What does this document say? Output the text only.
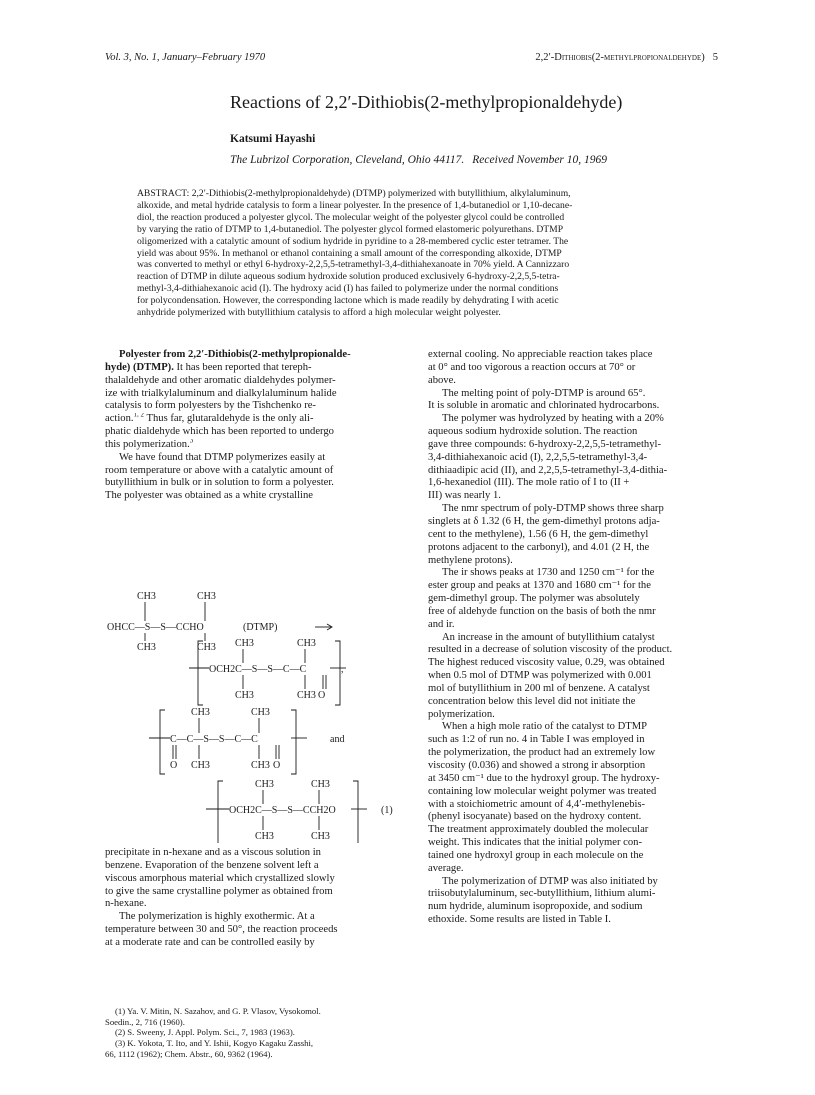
Vol. 3, No. 1, January–February 1970	2,2′-Dithiobis(2-methylpropionaldehyde) 5
Reactions of 2,2′-Dithiobis(2-methylpropionaldehyde)
Katsumi Hayashi
The Lubrizol Corporation, Cleveland, Ohio 44117. Received November 10, 1969
ABSTRACT: 2,2′-Dithiobis(2-methylpropionaldehyde) (DTMP) polymerized with butyllithium, alkylaluminum,
alkoxide, and metal hydride catalysis to form a linear polyester. In the presence of 1,4-butanediol or 1,10-decane-
diol, the reaction produced a polyester glycol. The molecular weight of the polyester glycol could be controlled
by varying the ratio of DTMP to 1,4-butanediol. The polyester glycol formed elastomeric polyurethans. DTMP
oligomerized with a catalytic amount of sodium hydride in pyridine to a 28-membered cyclic ester tetramer. The
yield was about 95%. In methanol or ethanol containing a small amount of the corresponding alkoxide, DTMP
was converted to methyl or ethyl 6-hydroxy-2,2,5,5-tetramethyl-3,4-dithiahexanoate in 70% yield. A Cannizzaro
reaction of DTMP in dilute aqueous sodium hydroxide solution produced exclusively 6-hydroxy-2,2,5,5-tetra-
methyl-3,4-dithiahexanoic acid (I). The hydroxy acid (I) has failed to polymerize under the normal conditions
for polycondensation. However, the corresponding lactone which is made readily by dehydrating I with acetic
anhydride polymerized with butyllithium catalysis to afford a high molecular weight polyester.

Polyester from 2,2′-Dithiobis(2-methylpropionalde-
hyde) (DTMP). It has been reported that tereph-
thalaldehyde and other aromatic dialdehydes polymer-
ize with trialkylaluminum and dialkylaluminum halide
catalysis to form polyesters by the Tishchenko re-
action.$^{1, 2}$ Thus far, glutaraldehyde is the only ali-
phatic dialdehyde which has been reported to undergo
this polymerization.$^3$

We have found that DTMP polymerizes easily at
room temperature or above with a catalytic amount of
butyllithium in bulk or in solution to form a polyester.
The polyester was obtained as a white crystalline

CH3	CH3
OHCC—S—S—CCHO	(DTMP)
CH3	CH3 CH3	CH3
OCH2C—S—S—C—C	,
CH3	CH3 O
CH3	CH3
C—C—S—S—C—C	and
O CH3	CH3 O
CH3	CH3
OCH2C—S—S—CCH2O	(1)
CH3	CH3

precipitate in n-hexane and as a viscous solution in
benzene. Evaporation of the benzene solvent left a
viscous amorphous material which crystallized slowly
to give the same crystalline polymer as obtained from
n-hexane.

The polymerization is highly exothermic. At a
temperature between 30 and 50°, the reaction proceeds
at a moderate rate and can be controlled easily by

(1) Ya. V. Mitin, N. Sazahov, and G. P. Vlasov, Vysokomol.
Soedin., 2, 716 (1960).
(2) S. Sweeny, J. Appl. Polym. Sci., 7, 1983 (1963).
(3) K. Yokota, T. Ito, and Y. Ishii, Kogyo Kagaku Zasshi,
66, 1112 (1962); Chem. Abstr., 60, 9362 (1964).

external cooling. No appreciable reaction takes place
at 0° and too vigorous a reaction occurs at 70° or
above.

The melting point of poly-DTMP is around 65°.
It is soluble in aromatic and chlorinated hydrocarbons.

The polymer was hydrolyzed by heating with a 20%
aqueous sodium hydroxide solution. The reaction
gave three compounds: 6-hydroxy-2,2,5,5-tetramethyl-
3,4-dithiahexanoic acid (I), 2,2,5,5-tetramethyl-3,4-
dithiaadipic acid (II), and 2,2,5,5-tetramethyl-3,4-dithia-
1,6-hexanediol (III). The mole ratio of I to (II +
III) was nearly 1.

The nmr spectrum of poly-DTMP shows three sharp
singlets at δ 1.32 (6 H, the gem-dimethyl protons adja-
cent to the methylene), 1.56 (6 H, the gem-dimethyl
protons adjacent to the carbonyl), and 4.01 (2 H, the
methylene protons).

The ir shows peaks at 1730 and 1250 cm⁻¹ for the
ester group and peaks at 1370 and 1680 cm⁻¹ for the
gem-dimethyl group. The polymer was absolutely
free of aldehyde function on the basis of both the nmr
and ir.

An increase in the amount of butyllithium catalyst
resulted in a decrease of solution viscosity of the product.
The highest reduced viscosity value, 0.29, was obtained
when 0.5 mol of DTMP was polymerized with 0.001
mol of butyllithium in 200 ml of benzene. A catalyst
concentration below this level did not initiate the
polymerization.

When a high mole ratio of the catalyst to DTMP
such as 1:2 of run no. 4 in Table I was employed in
the polymerization, the product had an extremely low
viscosity (0.036) and showed a strong ir absorption
at 3450 cm⁻¹ due to the hydroxyl group. The hydroxy-
containing low molecular weight polymer was treated
with a stoichiometric amount of 4,4′-methylenebis-
(phenyl isocyanate) based on the hydroxy content.
The treatment approximately doubled the molecular
weight. This indicates that the initial polymer con-
tained one hydroxyl group in each molecule on the
average.

The polymerization of DTMP was also initiated by
triisobutylaluminum, sec-butyllithium, lithium alumi-
num hydride, aluminum isopropoxide, and sodium
ethoxide. Some results are listed in Table I.
